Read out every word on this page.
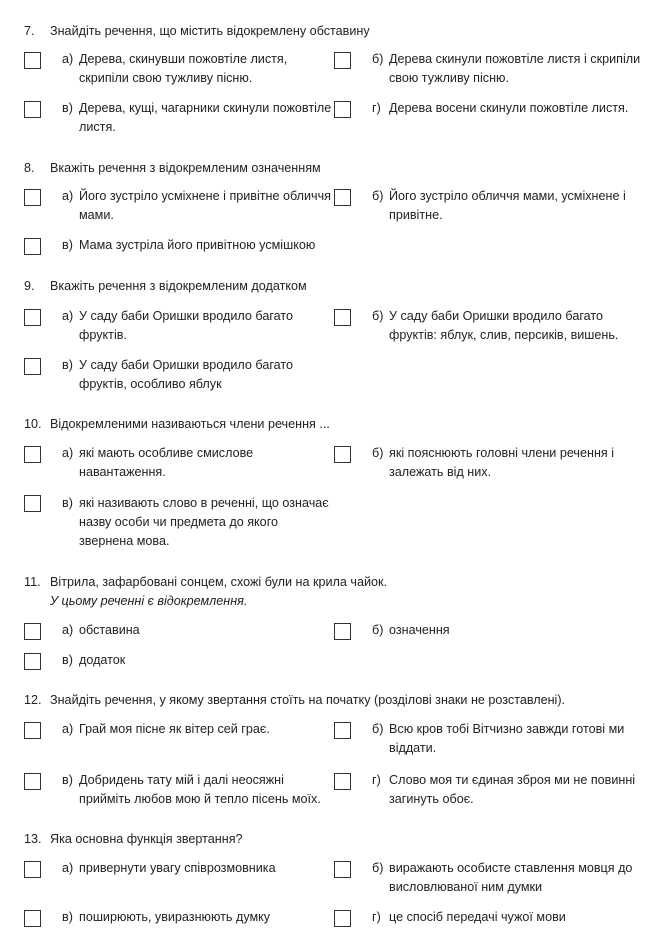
7. Знайдіть речення, що містить відокремлену обставину
а) Дерева, скинувши пожовтіле листя,
скрипіли свою тужливу пісню.
б) Дерева скинули пожовтіле листя і скрипіли
свою тужливу пісню.
в) Дерева, кущі, чагарники скинули пожовтіле
листя.
г) Дерева восени скинули пожовтіле листя.
8. Вкажіть речення з відокремленим означенням
а) Його зустріло усміхнене і привітне обличчя
мами.
б) Його зустріло обличчя мами, усміхнене і
привітне.
в) Мама зустріла його привітною усмішкою
9. Вкажіть речення з відокремленим додатком
а) У саду баби Оришки вродило багато
фруктів.
б) У саду баби Оришки вродило багато
фруктів: яблук, слив, персиків, вишень.
в) У саду баби Оришки вродило багато
фруктів, особливо яблук
10. Відокремленими називаються члени речення ...
а) які мають особливе смислове
навантаження.
б) які пояснюють головні члени речення і
залежать від них.
в) які називають слово в реченні, що означає
назву особи чи предмета до якого
звернена мова.
11. Вітрила, зафарбовані сонцем, схожі були на крила чайок.
У цьому реченні є відокремлення.
а) обставина	б) означення
в) додаток
12. Знайдіть речення, у якому звертання стоїть на початку (розділові знаки не розставлені).
а) Грай моя пісне як вітер сей грає.	б) Всю кров тобі Вітчизно завжди готові ми
віддати.
в) Добридень тату мій і далі неосяжні
прийміть любов мою й тепло пісень моїх.
г) Слово моя ти єдиная зброя ми не повинні
загинуть обоє.
13. Яка основна функція звертання?
а) привернути увагу співрозмовника	б) виражають особисте ставлення мовця до
висловлюваної ним думки
в) поширюють, увиразнюють думку	г) це спосіб передачі чужої мови
